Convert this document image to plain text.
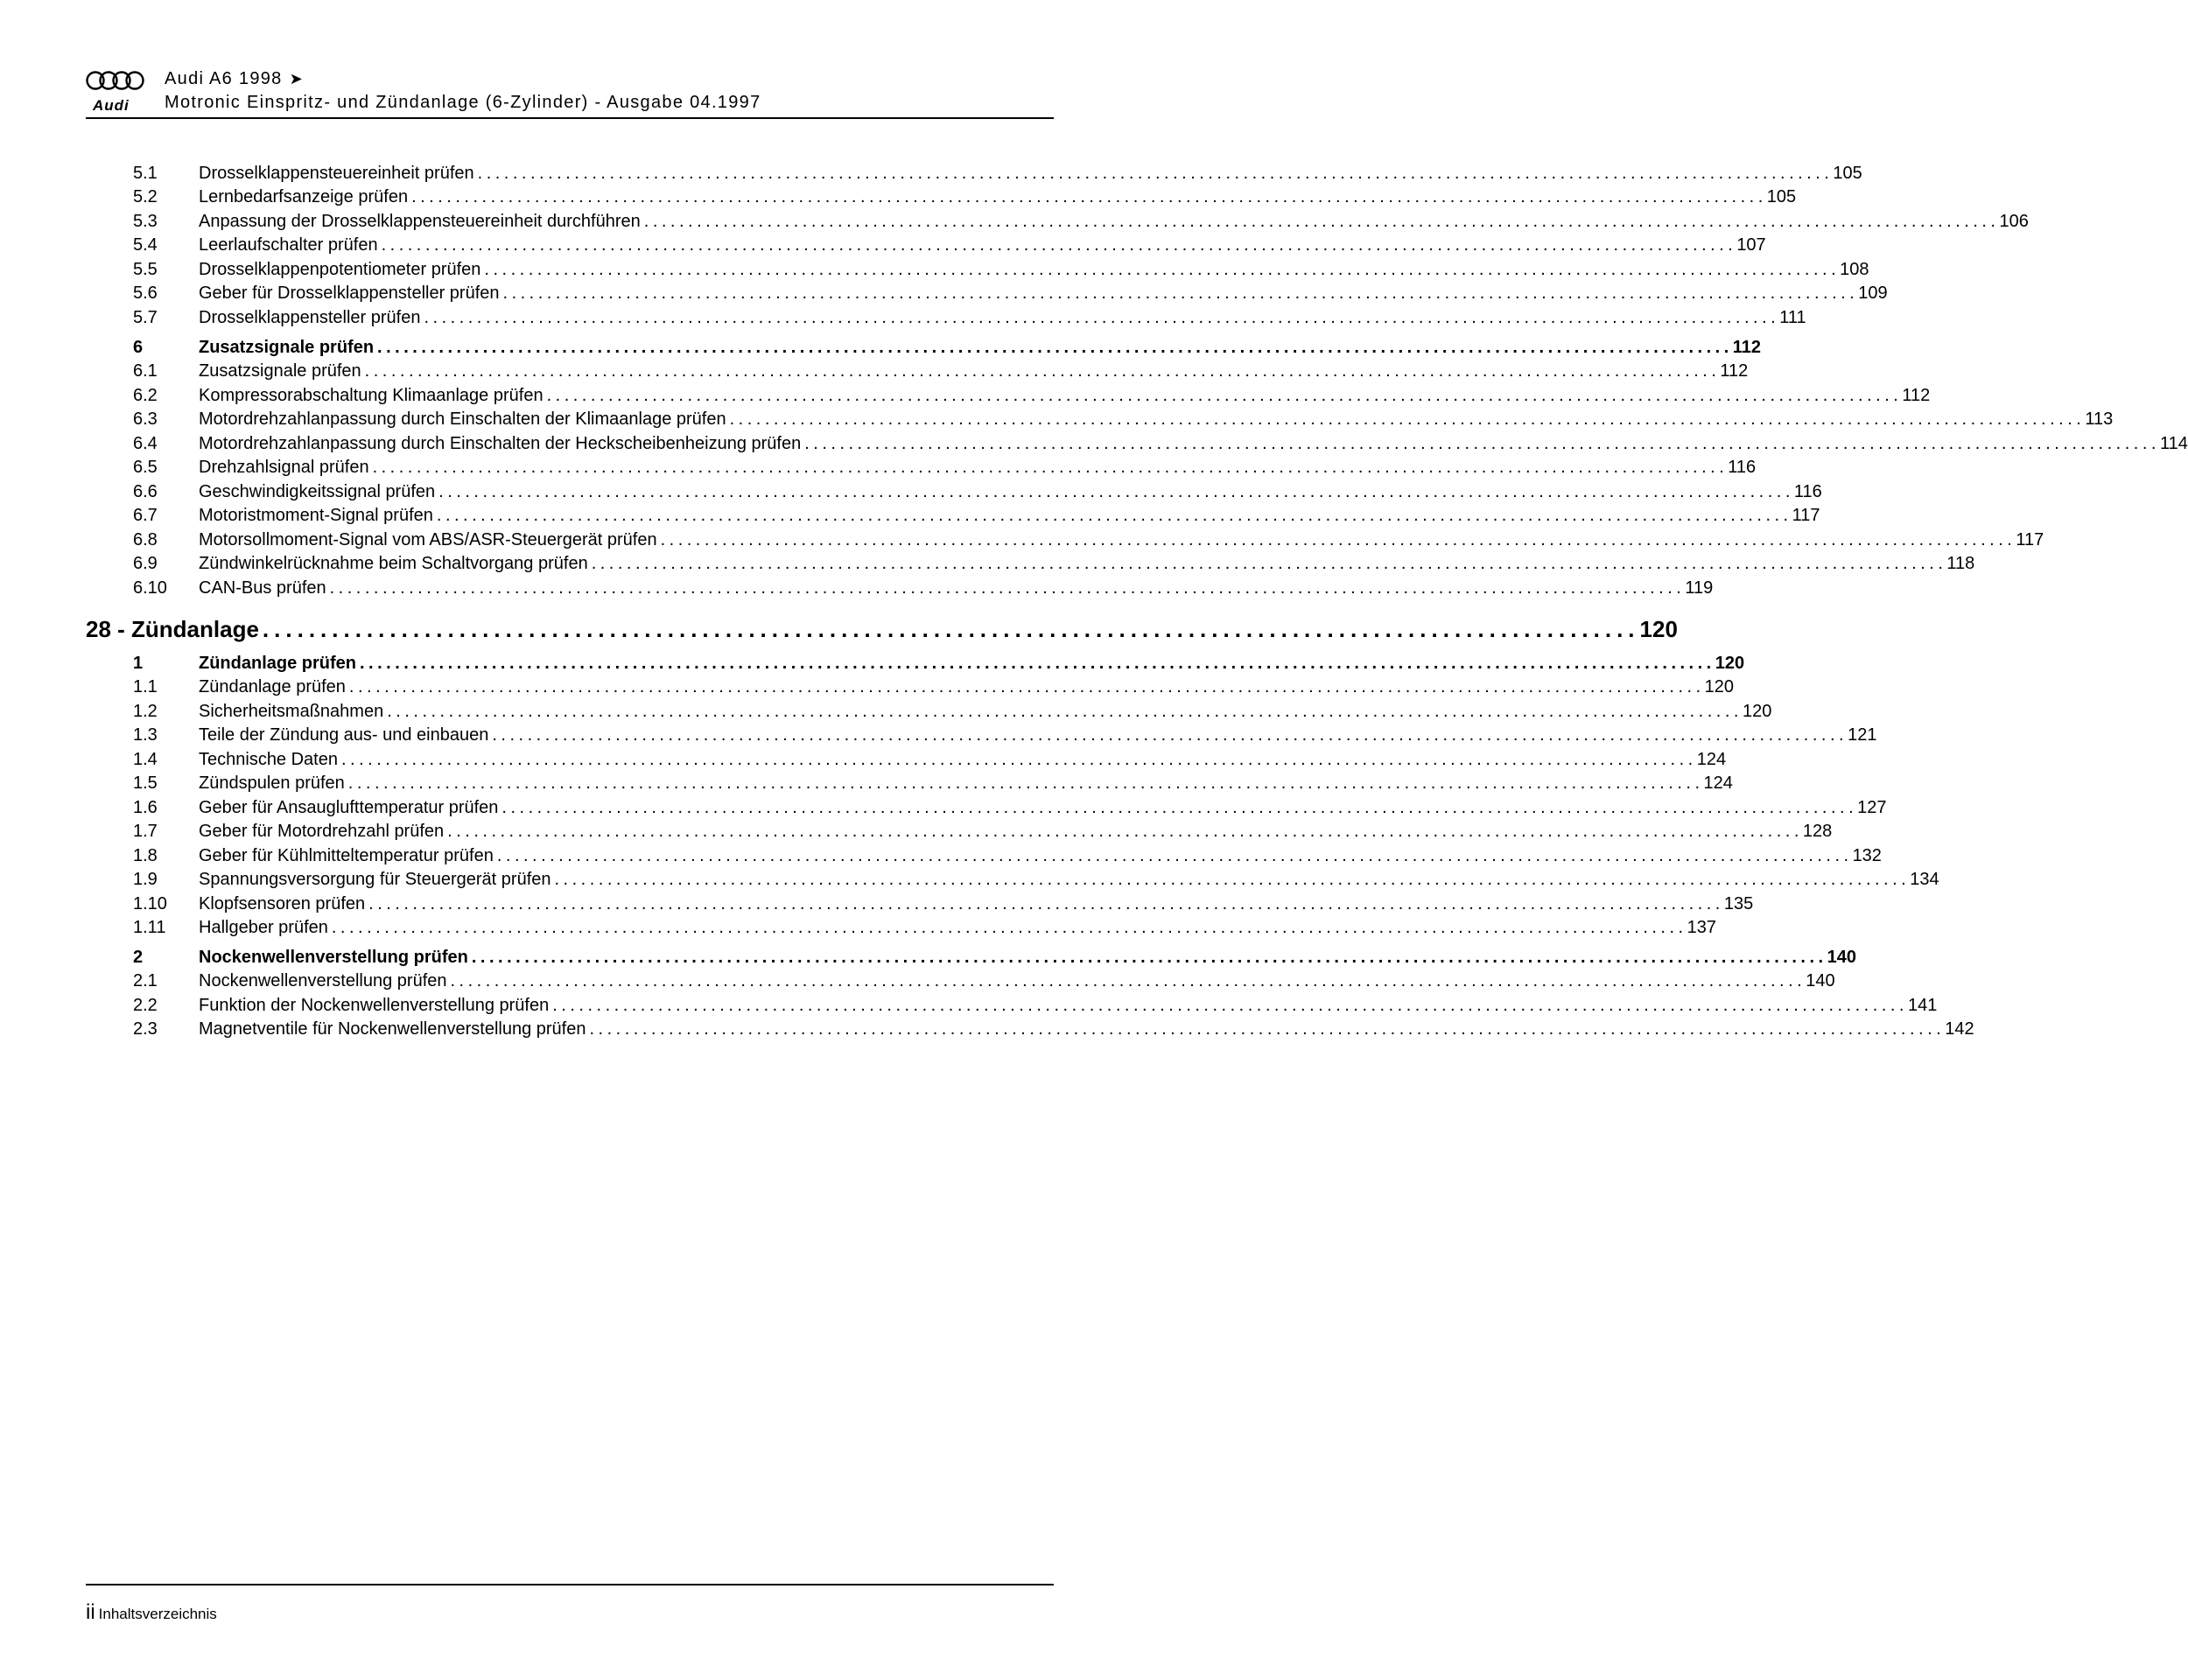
Audi
Audi A6 1998 ➤
Motronic Einspritz- und Zündanlage (6-Zylinder) - Ausgabe 04.1997
5.1 Drosselklappensteuereinheit prüfen .......................................................................................................................................................... 105
5.2 Lernbedarfsanzeige prüfen .......................................................................................................................................................... 105
5.3 Anpassung der Drosselklappensteuereinheit durchführen .......................................................................................................................................................... 106
5.4 Leerlaufschalter prüfen .......................................................................................................................................................... 107
5.5 Drosselklappenpotentiometer prüfen .......................................................................................................................................................... 108
5.6 Geber für Drosselklappensteller prüfen .......................................................................................................................................................... 109
5.7 Drosselklappensteller prüfen .......................................................................................................................................................... 111
6	Zusatzsignale prüfen .......................................................................................................................................................... 112
6.1 Zusatzsignale prüfen .......................................................................................................................................................... 112
6.2 Kompressorabschaltung Klimaanlage prüfen .......................................................................................................................................................... 112
6.3 Motordrehzahlanpassung durch Einschalten der Klimaanlage prüfen .......................................................................................................................................................... 113
6.4 Motordrehzahlanpassung durch Einschalten der Heckscheibenheizung prüfen .......................................................................................................................................................... 114
6.5 Drehzahlsignal prüfen .......................................................................................................................................................... 116
6.6 Geschwindigkeitssignal prüfen .......................................................................................................................................................... 116
6.7 Motoristmoment-Signal prüfen .......................................................................................................................................................... 117
6.8 Motorsollmoment-Signal vom ABS/ASR-Steuergerät prüfen .......................................................................................................................................................... 117
6.9 Zündwinkelrücknahme beim Schaltvorgang prüfen .......................................................................................................................................................... 118
6.10 CAN-Bus prüfen .......................................................................................................................................................... 119
28 - Zündanlage ....................................................................................................................... 120
1	Zündanlage prüfen .......................................................................................................................................................... 120
1.1 Zündanlage prüfen .......................................................................................................................................................... 120
1.2 Sicherheitsmaßnahmen .......................................................................................................................................................... 120
1.3 Teile der Zündung aus- und einbauen .......................................................................................................................................................... 121
1.4 Technische Daten .......................................................................................................................................................... 124
1.5 Zündspulen prüfen .......................................................................................................................................................... 124
1.6 Geber für Ansauglufttemperatur prüfen .......................................................................................................................................................... 127
1.7 Geber für Motordrehzahl prüfen .......................................................................................................................................................... 128
1.8 Geber für Kühlmitteltemperatur prüfen .......................................................................................................................................................... 132
1.9 Spannungsversorgung für Steuergerät prüfen .......................................................................................................................................................... 134
1.10 Klopfsensoren prüfen .......................................................................................................................................................... 135
1.11 Hallgeber prüfen .......................................................................................................................................................... 137
2	Nockenwellenverstellung prüfen .......................................................................................................................................................... 140
2.1 Nockenwellenverstellung prüfen .......................................................................................................................................................... 140
2.2 Funktion der Nockenwellenverstellung prüfen .......................................................................................................................................................... 141
2.3 Magnetventile für Nockenwellenverstellung prüfen .......................................................................................................................................................... 142
ii Inhaltsverzeichnis
